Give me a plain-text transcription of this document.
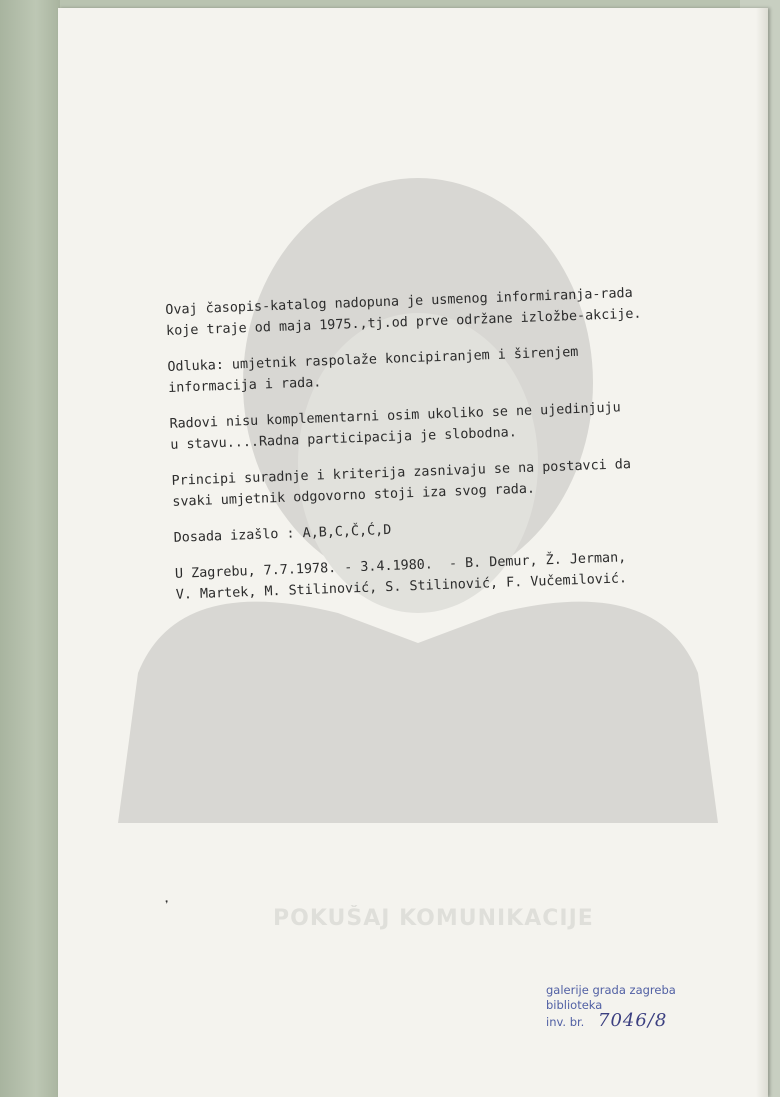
POKUŠAJ KOMUNIKACIJE

Ovaj časopis-katalog nadopuna je usmenog informiranja-rada
koje traje od maja 1975.,tj.od prve održane izložbe-akcije.

Odluka: umjetnik raspolaže koncipiranjem i širenjem
informacija i rada.

Radovi nisu komplementarni osim ukoliko se ne ujedinjuju
u stavu....Radna participacija je slobodna.

Principi suradnje i kriterija zasnivaju se na postavci da
svaki umjetnik odgovorno stoji iza svog rada.

Dosada izašlo : A,B,C,Č,Ć,D

U Zagrebu, 7.7.1978. - 3.4.1980.  - B. Demur, Ž. Jerman,
V. Martek, M. Stilinović, S. Stilinović, F. Vučemilović.

❜
galerije grada zagreba
biblioteka
inv. br. 7046/8
